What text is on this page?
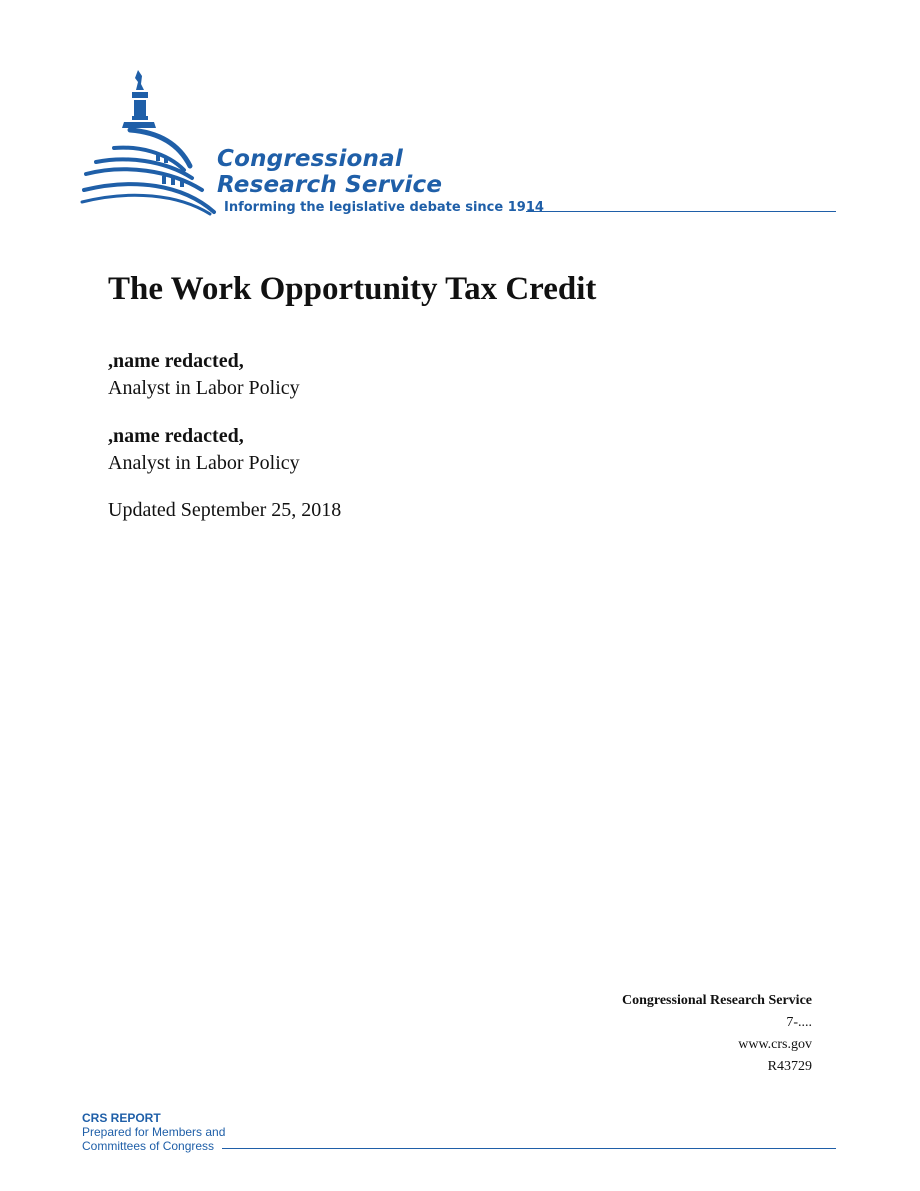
Congressional
Research Service
Informing the legislative debate since 1914
The Work Opportunity Tax Credit
,name redacted,
Analyst in Labor Policy
,name redacted,
Analyst in Labor Policy
Updated September 25, 2018
Congressional Research Service
7-....
www.crs.gov
R43729
CRS REPORT
Prepared for Members and
Committees of Congress
